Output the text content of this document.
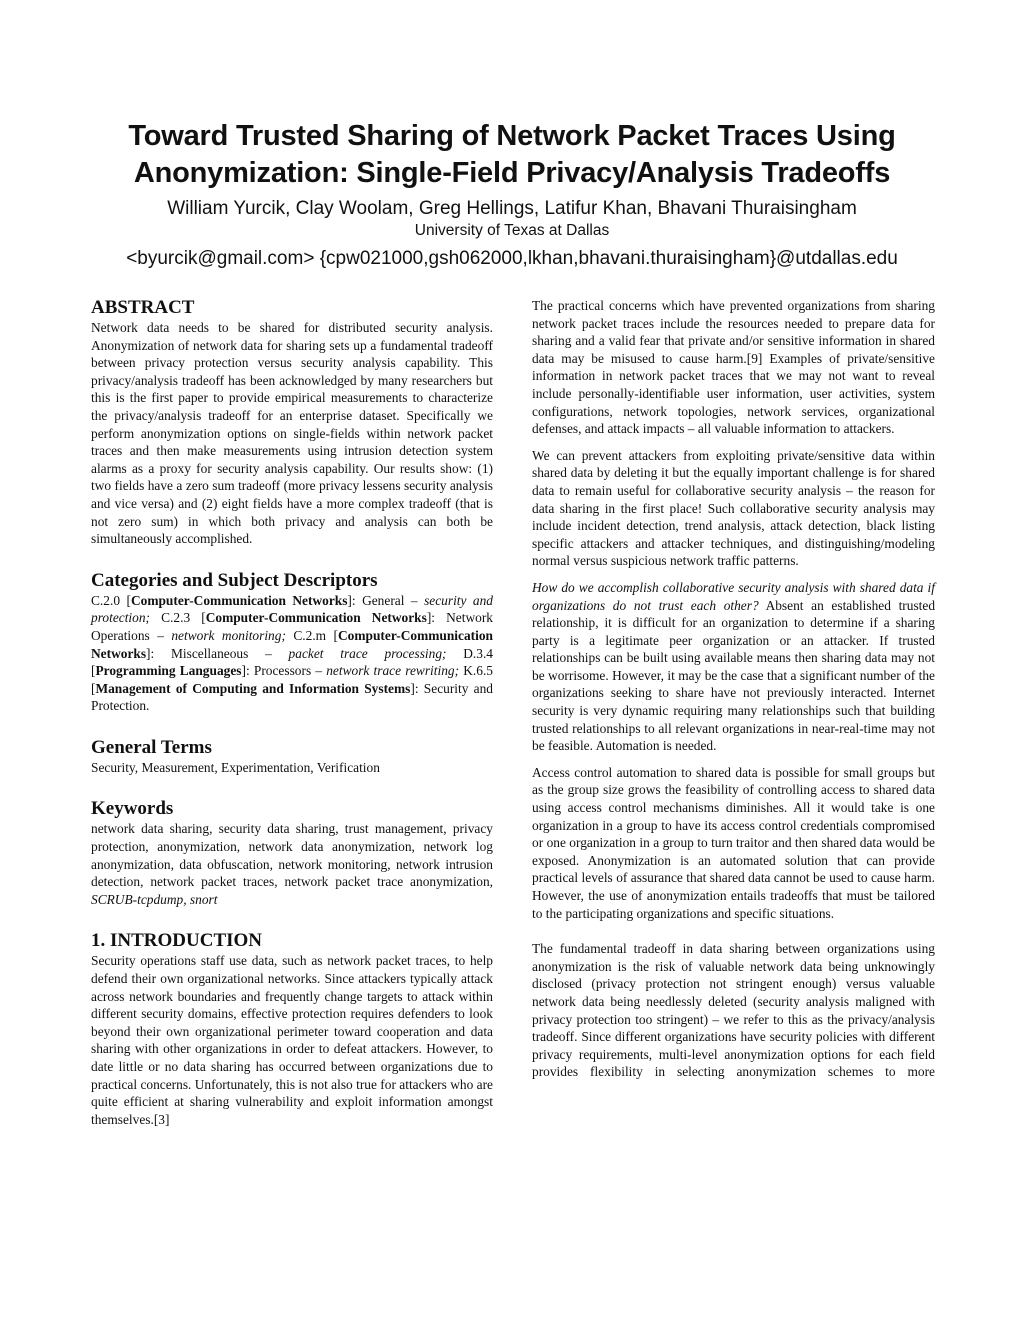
Toward Trusted Sharing of Network Packet Traces Using
Anonymization: Single-Field Privacy/Analysis Tradeoffs
William Yurcik, Clay Woolam, Greg Hellings, Latifur Khan, Bhavani Thuraisingham
University of Texas at Dallas
<byurcik@gmail.com> {cpw021000,gsh062000,lkhan,bhavani.thuraisingham}@utdallas.edu
ABSTRACT

Network data needs to be shared for distributed security analysis. Anonymization of network data for sharing sets up a fundamental tradeoff between privacy protection versus security analysis capability. This privacy/analysis tradeoff has been acknowledged by many researchers but this is the first paper to provide empirical measurements to characterize the privacy/analysis tradeoff for an enterprise dataset. Specifically we perform anonymization options on single-fields within network packet traces and then make measurements using intrusion detection system alarms as a proxy for security analysis capability. Our results show: (1) two fields have a zero sum tradeoff (more privacy lessens security analysis and vice versa) and (2) eight fields have a more complex tradeoff (that is not zero sum) in which both privacy and analysis can both be simultaneously accomplished.

Categories and Subject Descriptors

C.2.0 [Computer-Communication Networks]: General – security and protection; C.2.3 [Computer-Communication Networks]: Network Operations – network monitoring; C.2.m [Computer-Communication Networks]: Miscellaneous – packet trace processing; D.3.4 [Programming Languages]: Processors – network trace rewriting; K.6.5 [Management of Computing and Information Systems]: Security and Protection.

General Terms

Security, Measurement, Experimentation, Verification

Keywords

network data sharing, security data sharing, trust management, privacy protection, anonymization, network data anonymization, network log anonymization, data obfuscation, network monitoring, network intrusion detection, network packet traces, network packet trace anonymization, SCRUB-tcpdump, snort

1. INTRODUCTION

Security operations staff use data, such as network packet traces, to help defend their own organizational networks. Since attackers typically attack across network boundaries and frequently change targets to attack within different security domains, effective protection requires defenders to look beyond their own organizational perimeter toward cooperation and data sharing with other organizations in order to defeat attackers. However, to date little or no data sharing has occurred between organizations due to practical concerns. Unfortunately, this is not also true for attackers who are quite efficient at sharing vulnerability and exploit information amongst themselves.[3]

The practical concerns which have prevented organizations from sharing network packet traces include the resources needed to prepare data for sharing and a valid fear that private and/or sensitive information in shared data may be misused to cause harm.[9] Examples of private/sensitive information in network packet traces that we may not want to reveal include personally-identifiable user information, user activities, system configurations, network topologies, network services, organizational defenses, and attack impacts – all valuable information to attackers.

We can prevent attackers from exploiting private/sensitive data within shared data by deleting it but the equally important challenge is for shared data to remain useful for collaborative security analysis – the reason for data sharing in the first place! Such collaborative security analysis may include incident detection, trend analysis, attack detection, black listing specific attackers and attacker techniques, and distinguishing/modeling normal versus suspicious network traffic patterns.

How do we accomplish collaborative security analysis with shared data if organizations do not trust each other? Absent an established trusted relationship, it is difficult for an organization to determine if a sharing party is a legitimate peer organization or an attacker. If trusted relationships can be built using available means then sharing data may not be worrisome. However, it may be the case that a significant number of the organizations seeking to share have not previously interacted. Internet security is very dynamic requiring many relationships such that building trusted relationships to all relevant organizations in near-real-time may not be feasible. Automation is needed.

Access control automation to shared data is possible for small groups but as the group size grows the feasibility of controlling access to shared data using access control mechanisms diminishes. All it would take is one organization in a group to have its access control credentials compromised or one organization in a group to turn traitor and then shared data would be exposed. Anonymization is an automated solution that can provide practical levels of assurance that shared data cannot be used to cause harm. However, the use of anonymization entails tradeoffs that must be tailored to the participating organizations and specific situations.

The fundamental tradeoff in data sharing between organizations using anonymization is the risk of valuable network data being unknowingly disclosed (privacy protection not stringent enough) versus valuable network data being needlessly deleted (security analysis maligned with privacy protection too stringent) – we refer to this as the privacy/analysis tradeoff. Since different organizations have security policies with different privacy requirements, multi-level anonymization options for each field provides flexibility in selecting anonymization schemes to more
